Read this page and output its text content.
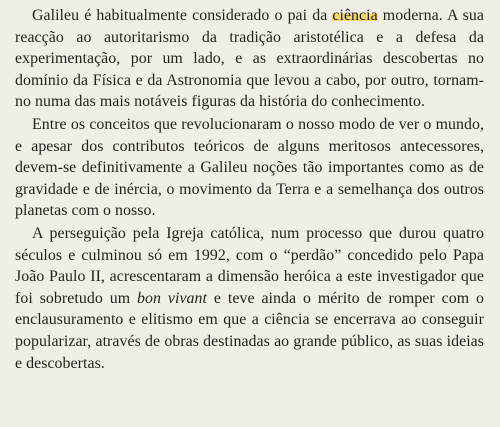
Galileu é habitualmente considerado o pai da ciência moderna. A sua reacção ao autoritarismo da tradição aristotélica e a defesa da experimentação, por um lado, e as extraordinárias descobertas no domínio da Física e da Astronomia que levou a cabo, por outro, tornam-no numa das mais notáveis figuras da história do conhecimento.

Entre os conceitos que revolucionaram o nosso modo de ver o mundo, e apesar dos contributos teóricos de alguns meritosos antecessores, devem-se definitivamente a Galileu noções tão importantes como as de gravidade e de inércia, o movimento da Terra e a semelhança dos outros planetas com o nosso.

A perseguição pela Igreja católica, num processo que durou quatro séculos e culminou só em 1992, com o “perdão” concedido pelo Papa João Paulo II, acrescentaram a dimensão heróica a este investigador que foi sobretudo um bon vivant e teve ainda o mérito de romper com o enclausuramento e elitismo em que a ciência se encerrava ao conseguir popularizar, através de obras destinadas ao grande público, as suas ideias e descobertas.
